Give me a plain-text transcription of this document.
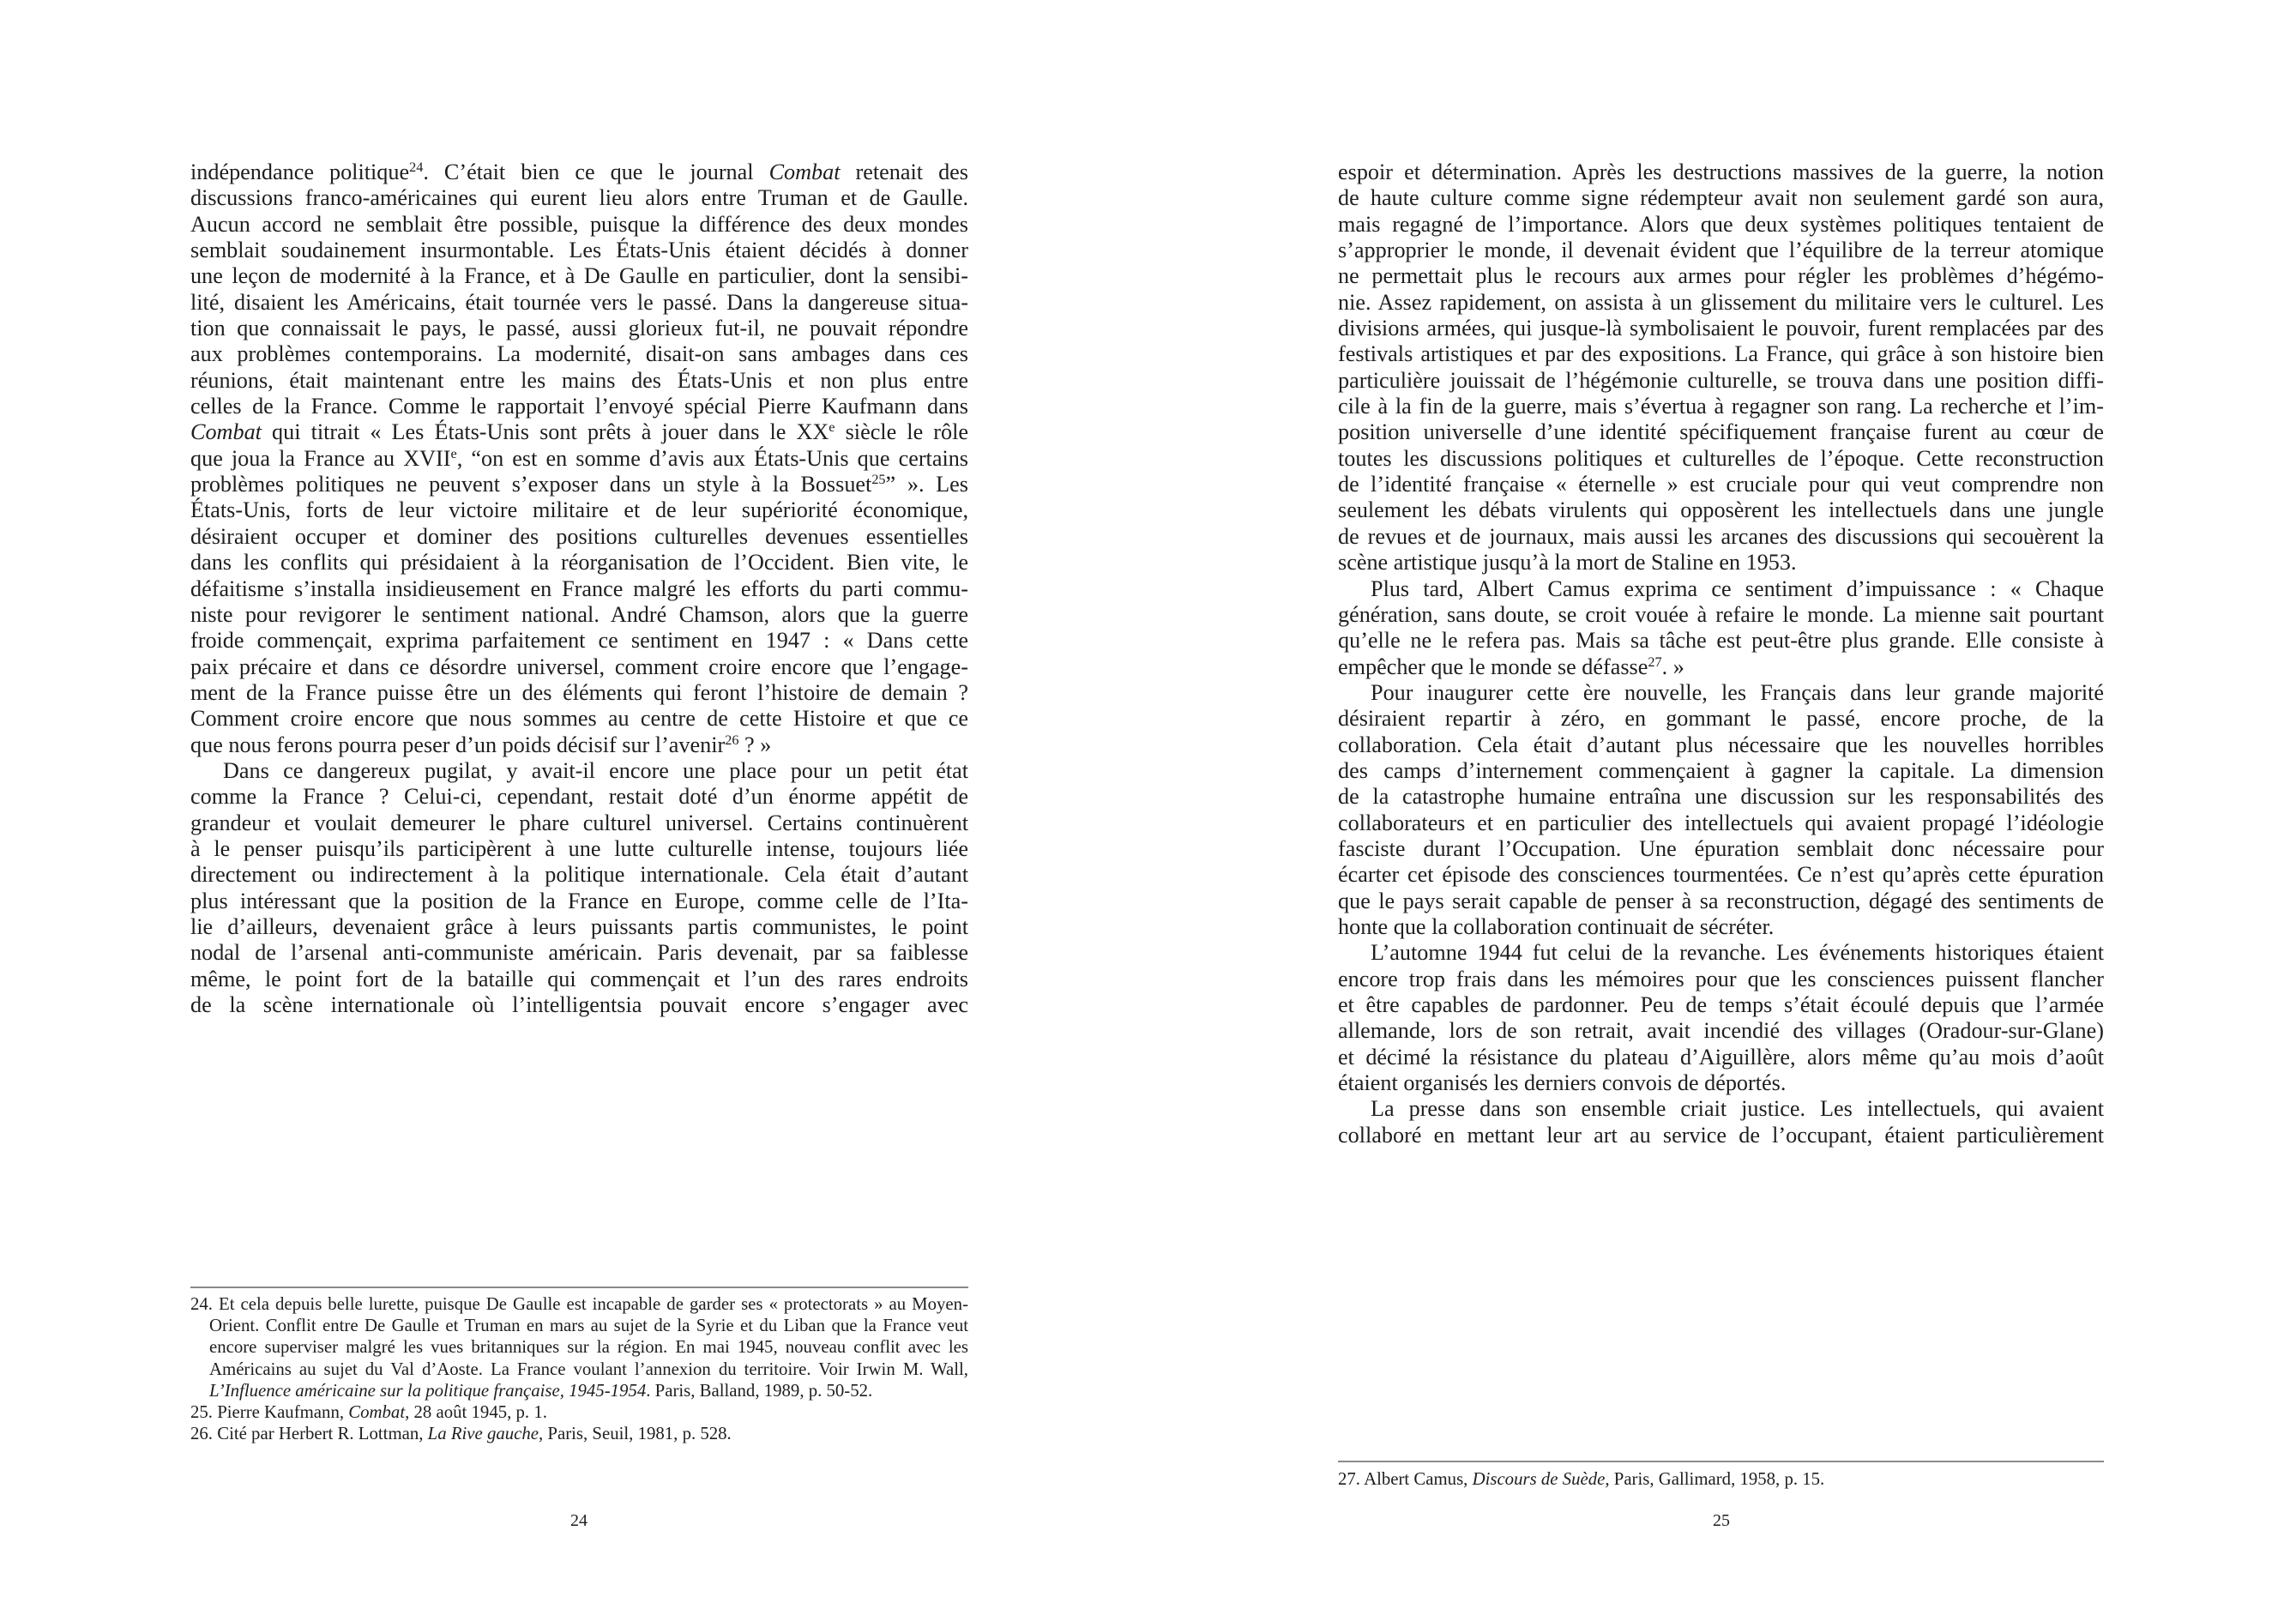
indépendance politique$^{24}$. C’était bien ce que le journal Combat retenait des
discussions franco-américaines qui eurent lieu alors entre Truman et de Gaulle.
Aucun accord ne semblait être possible, puisque la différence des deux mondes
semblait soudainement insurmontable. Les États-Unis étaient décidés à donner
une leçon de modernité à la France, et à De Gaulle en particulier, dont la sensibi-
lité, disaient les Américains, était tournée vers le passé. Dans la dangereuse situa-
tion que connaissait le pays, le passé, aussi glorieux fut-il, ne pouvait répondre
aux problèmes contemporains. La modernité, disait-on sans ambages dans ces
réunions, était maintenant entre les mains des États-Unis et non plus entre
celles de la France. Comme le rapportait l’envoyé spécial Pierre Kaufmann dans
Combat qui titrait « Les États-Unis sont prêts à jouer dans le XXe siècle le rôle
que joua la France au XVIIe, “on est en somme d’avis aux États-Unis que certains
problèmes politiques ne peuvent s’exposer dans un style à la Bossuet$^{25}$” ». Les
États-Unis, forts de leur victoire militaire et de leur supériorité économique,
désiraient occuper et dominer des positions culturelles devenues essentielles
dans les conflits qui présidaient à la réorganisation de l’Occident. Bien vite, le
défaitisme s’installa insidieusement en France malgré les efforts du parti commu-
niste pour revigorer le sentiment national. André Chamson, alors que la guerre
froide commençait, exprima parfaitement ce sentiment en 1947 : « Dans cette
paix précaire et dans ce désordre universel, comment croire encore que l’engage-
ment de la France puisse être un des éléments qui feront l’histoire de demain ?
Comment croire encore que nous sommes au centre de cette Histoire et que ce
que nous ferons pourra peser d’un poids décisif sur l’avenir$^{26}$ ? »
Dans ce dangereux pugilat, y avait-il encore une place pour un petit état
comme la France ? Celui-ci, cependant, restait doté d’un énorme appétit de
grandeur et voulait demeurer le phare culturel universel. Certains continuèrent
à le penser puisqu’ils participèrent à une lutte culturelle intense, toujours liée
directement ou indirectement à la politique internationale. Cela était d’autant
plus intéressant que la position de la France en Europe, comme celle de l’Ita-
lie d’ailleurs, devenaient grâce à leurs puissants partis communistes, le point
nodal de l’arsenal anti-communiste américain. Paris devenait, par sa faiblesse
même, le point fort de la bataille qui commençait et l’un des rares endroits
de la scène internationale où l’intelligentsia pouvait encore s’engager avec

24. Et cela depuis belle lurette, puisque De Gaulle est incapable de garder ses « protectorats » au Moyen-Orient. Conflit entre De Gaulle et Truman en mars au sujet de la Syrie et du Liban que la France veut encore superviser malgré les vues britanniques sur la région. En mai 1945, nouveau conflit avec les Américains au sujet du Val d’Aoste. La France voulant l’annexion du territoire. Voir Irwin M. Wall, L’Influence américaine sur la politique française, 1945-1954. Paris, Balland, 1989, p. 50-52.

25. Pierre Kaufmann, Combat, 28 août 1945, p. 1.

26. Cité par Herbert R. Lottman, La Rive gauche, Paris, Seuil, 1981, p. 528.

24
espoir et détermination. Après les destructions massives de la guerre, la notion
de haute culture comme signe rédempteur avait non seulement gardé son aura,
mais regagné de l’importance. Alors que deux systèmes politiques tentaient de
s’approprier le monde, il devenait évident que l’équilibre de la terreur atomique
ne permettait plus le recours aux armes pour régler les problèmes d’hégémo-
nie. Assez rapidement, on assista à un glissement du militaire vers le culturel. Les
divisions armées, qui jusque-là symbolisaient le pouvoir, furent remplacées par des
festivals artistiques et par des expositions. La France, qui grâce à son histoire bien
particulière jouissait de l’hégémonie culturelle, se trouva dans une position diffi-
cile à la fin de la guerre, mais s’évertua à regagner son rang. La recherche et l’im-
position universelle d’une identité spécifiquement française furent au cœur de
toutes les discussions politiques et culturelles de l’époque. Cette reconstruction
de l’identité française « éternelle » est cruciale pour qui veut comprendre non
seulement les débats virulents qui opposèrent les intellectuels dans une jungle
de revues et de journaux, mais aussi les arcanes des discussions qui secouèrent la
scène artistique jusqu’à la mort de Staline en 1953.
Plus tard, Albert Camus exprima ce sentiment d’impuissance : « Chaque
génération, sans doute, se croit vouée à refaire le monde. La mienne sait pourtant
qu’elle ne le refera pas. Mais sa tâche est peut-être plus grande. Elle consiste à
empêcher que le monde se défasse$^{27}$. »
Pour inaugurer cette ère nouvelle, les Français dans leur grande majorité
désiraient repartir à zéro, en gommant le passé, encore proche, de la
collaboration. Cela était d’autant plus nécessaire que les nouvelles horribles
des camps d’internement commençaient à gagner la capitale. La dimension
de la catastrophe humaine entraîna une discussion sur les responsabilités des
collaborateurs et en particulier des intellectuels qui avaient propagé l’idéologie
fasciste durant l’Occupation. Une épuration semblait donc nécessaire pour
écarter cet épisode des consciences tourmentées. Ce n’est qu’après cette épuration
que le pays serait capable de penser à sa reconstruction, dégagé des sentiments de
honte que la collaboration continuait de sécréter.
L’automne 1944 fut celui de la revanche. Les événements historiques étaient
encore trop frais dans les mémoires pour que les consciences puissent flancher
et être capables de pardonner. Peu de temps s’était écoulé depuis que l’armée
allemande, lors de son retrait, avait incendié des villages (Oradour-sur-Glane)
et décimé la résistance du plateau d’Aiguillère, alors même qu’au mois d’août
étaient organisés les derniers convois de déportés.
La presse dans son ensemble criait justice. Les intellectuels, qui avaient
collaboré en mettant leur art au service de l’occupant, étaient particulièrement

27. Albert Camus, Discours de Suède, Paris, Gallimard, 1958, p. 15.

25
